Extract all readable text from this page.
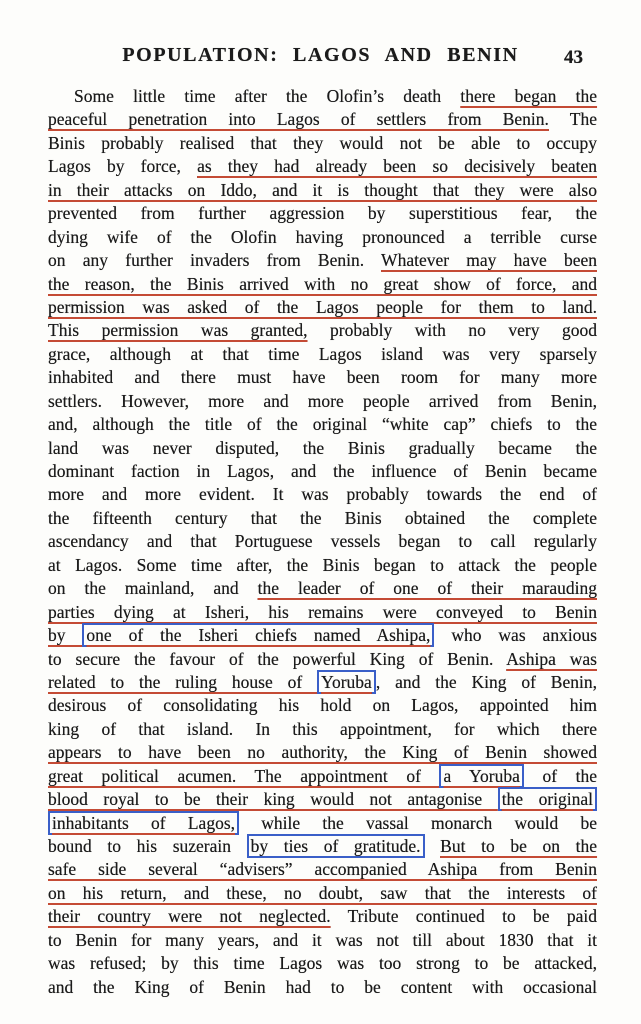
POPULATION: LAGOS AND BENIN	43
Some little time after the Olofin’s death there began the
peaceful penetration into Lagos of settlers from Benin. The
Binis probably realised that they would not be able to occupy
Lagos by force, as they had already been so decisively beaten
in their attacks on Iddo, and it is thought that they were also
prevented from further aggression by superstitious fear, the
dying wife of the Olofin having pronounced a terrible curse
on any further invaders from Benin. Whatever may have been
the reason, the Binis arrived with no great show of force, and
permission was asked of the Lagos people for them to land.
This permission was granted, probably with no very good
grace, although at that time Lagos island was very sparsely
inhabited and there must have been room for many more
settlers. However, more and more people arrived from Benin,
and, although the title of the original “white cap” chiefs to the
land was never disputed, the Binis gradually became the
dominant faction in Lagos, and the influence of Benin became
more and more evident. It was probably towards the end of
the fifteenth century that the Binis obtained the complete
ascendancy and that Portuguese vessels began to call regularly
at Lagos. Some time after, the Binis began to attack the people
on the mainland, and the leader of one of their marauding
parties dying at Isheri, his remains were conveyed to Benin
by one of the Isheri chiefs named Ashipa, who was anxious
to secure the favour of the powerful King of Benin. Ashipa was
related to the ruling house of Yoruba , and the King of Benin,
desirous of consolidating his hold on Lagos, appointed him
king of that island. In this appointment, for which there
appears to have been no authority, the King of Benin showed
great political acumen. The appointment of a Yoruba of the
blood royal to be their king would not antagonise the original
inhabitants of Lagos, while the vassal monarch would be
bound to his suzerain by ties of gratitude. But to be on the
safe side several “advisers” accompanied Ashipa from Benin
on his return, and these, no doubt, saw that the interests of
their country were not neglected. Tribute continued to be paid
to Benin for many years, and it was not till about 1830 that it
was refused; by this time Lagos was too strong to be attacked,
and the King of Benin had to be content with occasional
